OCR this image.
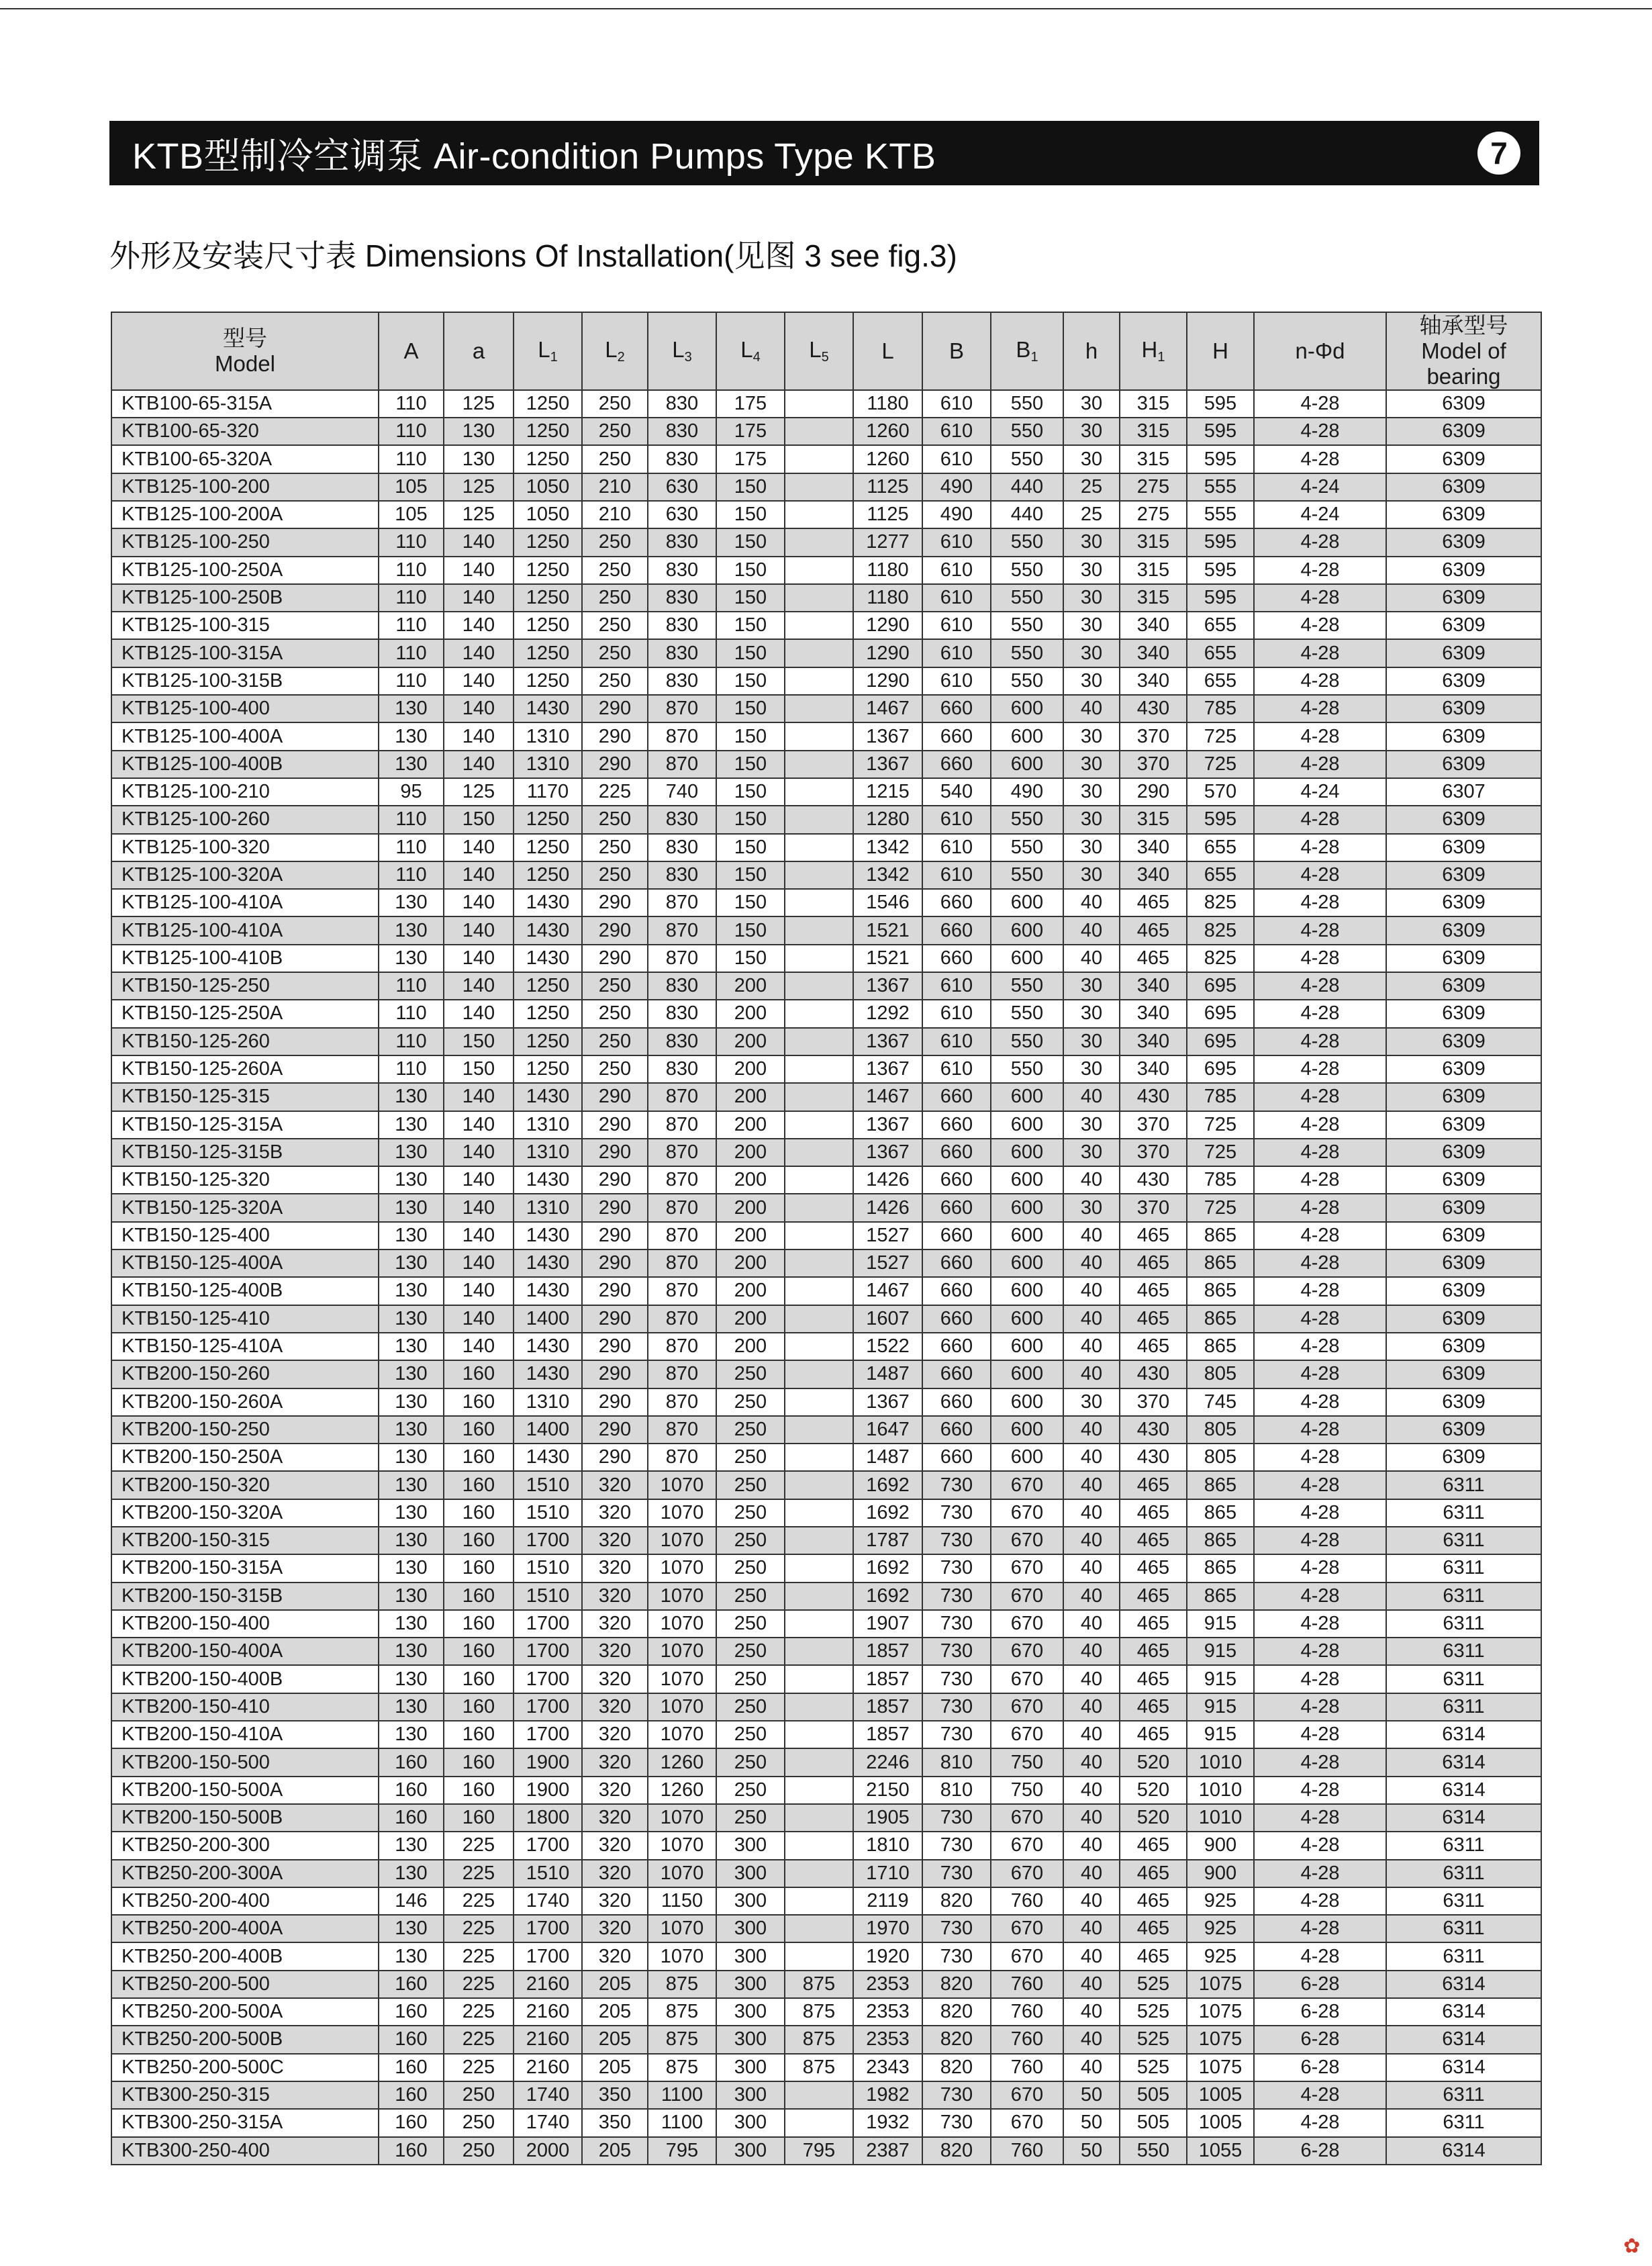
KTB型制冷空调泵 Air-condition Pumps Type KTB	7
外形及安装尺寸表 Dimensions Of Installation(见图 3 see fig.3)
型号
Model	A	a	$L_1$	$L_2$	$L_3$	$L_4$	$L_5$	L	B	$B_1$	h	$H_1$	H	n-Φd	轴承型号
Model of
bearing
KTB100-65-315A	110	125	1250	250	830	175		1180	610	550	30	315	595	4-28	6309
KTB100-65-320	110	130	1250	250	830	175		1260	610	550	30	315	595	4-28	6309
KTB100-65-320A	110	130	1250	250	830	175		1260	610	550	30	315	595	4-28	6309
KTB125-100-200	105	125	1050	210	630	150		1125	490	440	25	275	555	4-24	6309
KTB125-100-200A	105	125	1050	210	630	150		1125	490	440	25	275	555	4-24	6309
KTB125-100-250	110	140	1250	250	830	150		1277	610	550	30	315	595	4-28	6309
KTB125-100-250A	110	140	1250	250	830	150		1180	610	550	30	315	595	4-28	6309
KTB125-100-250B	110	140	1250	250	830	150		1180	610	550	30	315	595	4-28	6309
KTB125-100-315	110	140	1250	250	830	150		1290	610	550	30	340	655	4-28	6309
KTB125-100-315A	110	140	1250	250	830	150		1290	610	550	30	340	655	4-28	6309
KTB125-100-315B	110	140	1250	250	830	150		1290	610	550	30	340	655	4-28	6309
KTB125-100-400	130	140	1430	290	870	150		1467	660	600	40	430	785	4-28	6309
KTB125-100-400A	130	140	1310	290	870	150		1367	660	600	30	370	725	4-28	6309
KTB125-100-400B	130	140	1310	290	870	150		1367	660	600	30	370	725	4-28	6309
KTB125-100-210	95	125	1170	225	740	150		1215	540	490	30	290	570	4-24	6307
KTB125-100-260	110	150	1250	250	830	150		1280	610	550	30	315	595	4-28	6309
KTB125-100-320	110	140	1250	250	830	150		1342	610	550	30	340	655	4-28	6309
KTB125-100-320A	110	140	1250	250	830	150		1342	610	550	30	340	655	4-28	6309
KTB125-100-410A	130	140	1430	290	870	150		1546	660	600	40	465	825	4-28	6309
KTB125-100-410A	130	140	1430	290	870	150		1521	660	600	40	465	825	4-28	6309
KTB125-100-410B	130	140	1430	290	870	150		1521	660	600	40	465	825	4-28	6309
KTB150-125-250	110	140	1250	250	830	200		1367	610	550	30	340	695	4-28	6309
KTB150-125-250A	110	140	1250	250	830	200		1292	610	550	30	340	695	4-28	6309
KTB150-125-260	110	150	1250	250	830	200		1367	610	550	30	340	695	4-28	6309
KTB150-125-260A	110	150	1250	250	830	200		1367	610	550	30	340	695	4-28	6309
KTB150-125-315	130	140	1430	290	870	200		1467	660	600	40	430	785	4-28	6309
KTB150-125-315A	130	140	1310	290	870	200		1367	660	600	30	370	725	4-28	6309
KTB150-125-315B	130	140	1310	290	870	200		1367	660	600	30	370	725	4-28	6309
KTB150-125-320	130	140	1430	290	870	200		1426	660	600	40	430	785	4-28	6309
KTB150-125-320A	130	140	1310	290	870	200		1426	660	600	30	370	725	4-28	6309
KTB150-125-400	130	140	1430	290	870	200		1527	660	600	40	465	865	4-28	6309
KTB150-125-400A	130	140	1430	290	870	200		1527	660	600	40	465	865	4-28	6309
KTB150-125-400B	130	140	1430	290	870	200		1467	660	600	40	465	865	4-28	6309
KTB150-125-410	130	140	1400	290	870	200		1607	660	600	40	465	865	4-28	6309
KTB150-125-410A	130	140	1430	290	870	200		1522	660	600	40	465	865	4-28	6309
KTB200-150-260	130	160	1430	290	870	250		1487	660	600	40	430	805	4-28	6309
KTB200-150-260A	130	160	1310	290	870	250		1367	660	600	30	370	745	4-28	6309
KTB200-150-250	130	160	1400	290	870	250		1647	660	600	40	430	805	4-28	6309
KTB200-150-250A	130	160	1430	290	870	250		1487	660	600	40	430	805	4-28	6309
KTB200-150-320	130	160	1510	320	1070	250		1692	730	670	40	465	865	4-28	6311
KTB200-150-320A	130	160	1510	320	1070	250		1692	730	670	40	465	865	4-28	6311
KTB200-150-315	130	160	1700	320	1070	250		1787	730	670	40	465	865	4-28	6311
KTB200-150-315A	130	160	1510	320	1070	250		1692	730	670	40	465	865	4-28	6311
KTB200-150-315B	130	160	1510	320	1070	250		1692	730	670	40	465	865	4-28	6311
KTB200-150-400	130	160	1700	320	1070	250		1907	730	670	40	465	915	4-28	6311
KTB200-150-400A	130	160	1700	320	1070	250		1857	730	670	40	465	915	4-28	6311
KTB200-150-400B	130	160	1700	320	1070	250		1857	730	670	40	465	915	4-28	6311
KTB200-150-410	130	160	1700	320	1070	250		1857	730	670	40	465	915	4-28	6311
KTB200-150-410A	130	160	1700	320	1070	250		1857	730	670	40	465	915	4-28	6314
KTB200-150-500	160	160	1900	320	1260	250		2246	810	750	40	520	1010	4-28	6314
KTB200-150-500A	160	160	1900	320	1260	250		2150	810	750	40	520	1010	4-28	6314
KTB200-150-500B	160	160	1800	320	1070	250		1905	730	670	40	520	1010	4-28	6314
KTB250-200-300	130	225	1700	320	1070	300		1810	730	670	40	465	900	4-28	6311
KTB250-200-300A	130	225	1510	320	1070	300		1710	730	670	40	465	900	4-28	6311
KTB250-200-400	146	225	1740	320	1150	300		2119	820	760	40	465	925	4-28	6311
KTB250-200-400A	130	225	1700	320	1070	300		1970	730	670	40	465	925	4-28	6311
KTB250-200-400B	130	225	1700	320	1070	300		1920	730	670	40	465	925	4-28	6311
KTB250-200-500	160	225	2160	205	875	300	875	2353	820	760	40	525	1075	6-28	6314
KTB250-200-500A	160	225	2160	205	875	300	875	2353	820	760	40	525	1075	6-28	6314
KTB250-200-500B	160	225	2160	205	875	300	875	2353	820	760	40	525	1075	6-28	6314
KTB250-200-500C	160	225	2160	205	875	300	875	2343	820	760	40	525	1075	6-28	6314
KTB300-250-315	160	250	1740	350	1100	300		1982	730	670	50	505	1005	4-28	6311
KTB300-250-315A	160	250	1740	350	1100	300		1932	730	670	50	505	1005	4-28	6311
KTB300-250-400	160	250	2000	205	795	300	795	2387	820	760	50	550	1055	6-28	6314
✿
